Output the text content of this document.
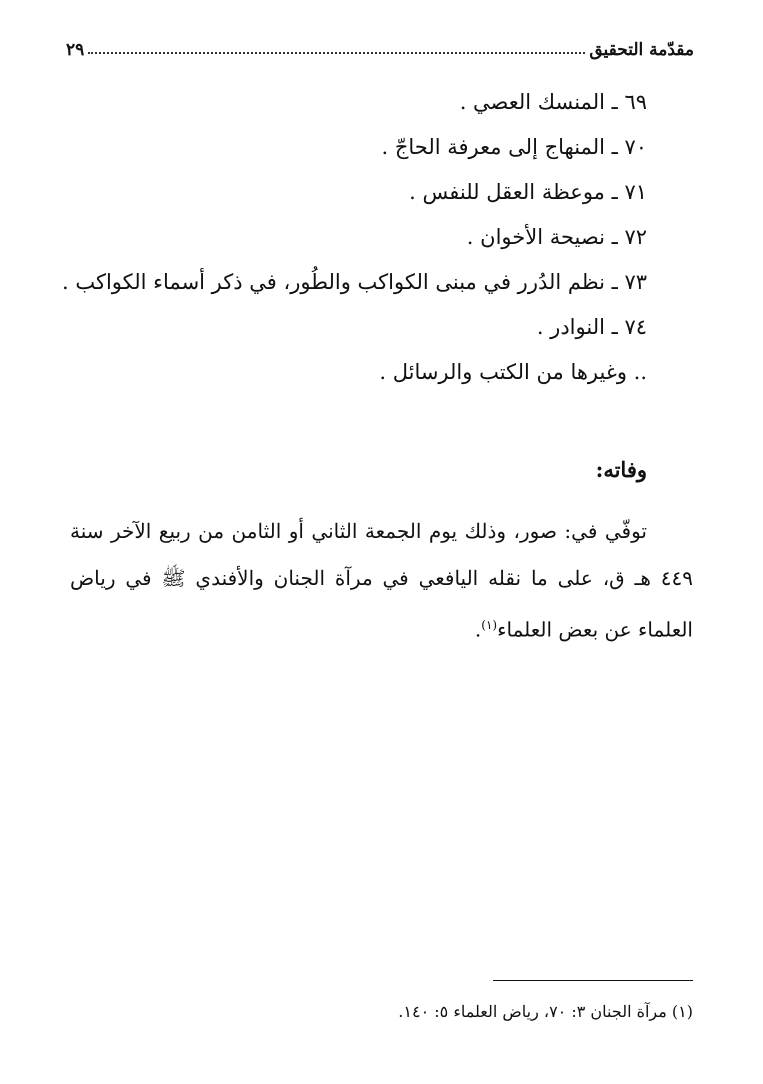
مقدّمة التحقيق
٢٩
٦٩ ـ المنسك العصي .
٧٠ ـ المنهاج إلى معرفة الحاجّ .
٧١ ـ موعظة العقل للنفس .
٧٢ ـ نصيحة الأخوان .
٧٣ ـ نظم الدُرر في مبنى الكواكب والطُور، في ذكر أسماء الكواكب .
٧٤ ـ النوادر .
.. وغيرها من الكتب والرسائل .
وفاته:
توفّي في: صور، وذلك يوم الجمعة الثاني أو الثامن من ربيع الآخر سنة ٤٤٩ هـ ق، على ما نقله اليافعي في مرآة الجنان والأفندي ﷺ في رياض العلماء عن بعض العلماء$^{(١)}$.
(١) مرآة الجنان ٣: ٧٠، رياض العلماء ٥: ١٤٠.
